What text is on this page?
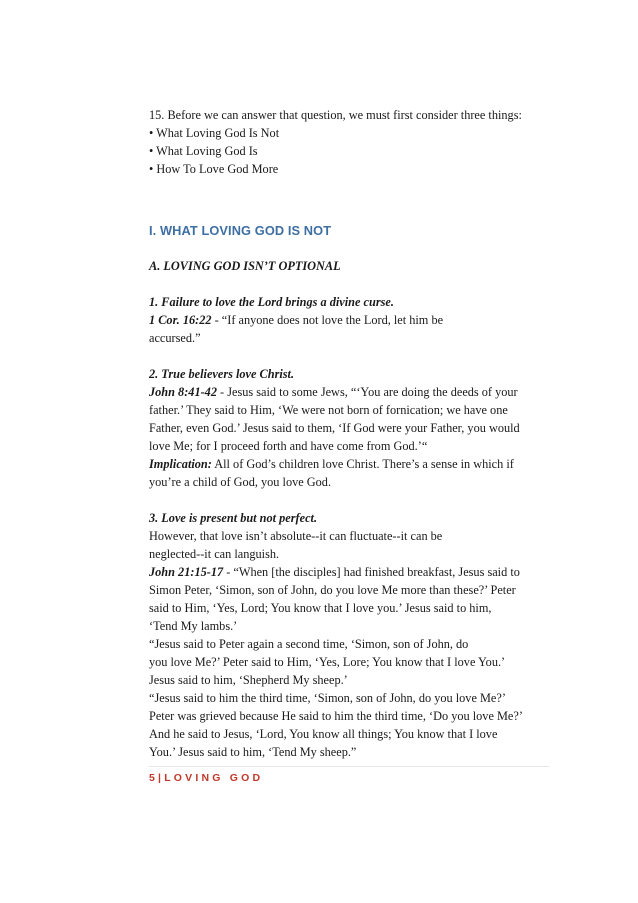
15. Before we can answer that question, we must first consider three things:

• What Loving God Is Not

• What Loving God Is

• How To Love God More

I. WHAT LOVING GOD IS NOT

A. LOVING GOD ISN’T OPTIONAL

1. Failure to love the Lord brings a divine curse.

1 Cor. 16:22 - “If anyone does not love the Lord, let him be

accursed.”

2. True believers love Christ.

John 8:41-42 - Jesus said to some Jews, “‘You are doing the deeds of your

father.’ They said to Him, ‘We were not born of fornication; we have one

Father, even God.’ Jesus said to them, ‘If God were your Father, you would

love Me; for I proceed forth and have come from God.’“

Implication: All of God’s children love Christ. There’s a sense in which if

you’re a child of God, you love God.

3. Love is present but not perfect.

However, that love isn’t absolute--it can fluctuate--it can be

neglected--it can languish.

John 21:15-17 - “When [the disciples] had finished breakfast, Jesus said to

Simon Peter, ‘Simon, son of John, do you love Me more than these?’ Peter

said to Him, ‘Yes, Lord; You know that I love you.’ Jesus said to him,

‘Tend My lambs.’

“Jesus said to Peter again a second time, ‘Simon, son of John, do

you love Me?’ Peter said to Him, ‘Yes, Lore; You know that I love You.’

Jesus said to him, ‘Shepherd My sheep.’

“Jesus said to him the third time, ‘Simon, son of John, do you love Me?’

Peter was grieved because He said to him the third time, ‘Do you love Me?’

And he said to Jesus, ‘Lord, You know all things; You know that I love

You.’ Jesus said to him, ‘Tend My sheep.”

5|LOVING GOD
